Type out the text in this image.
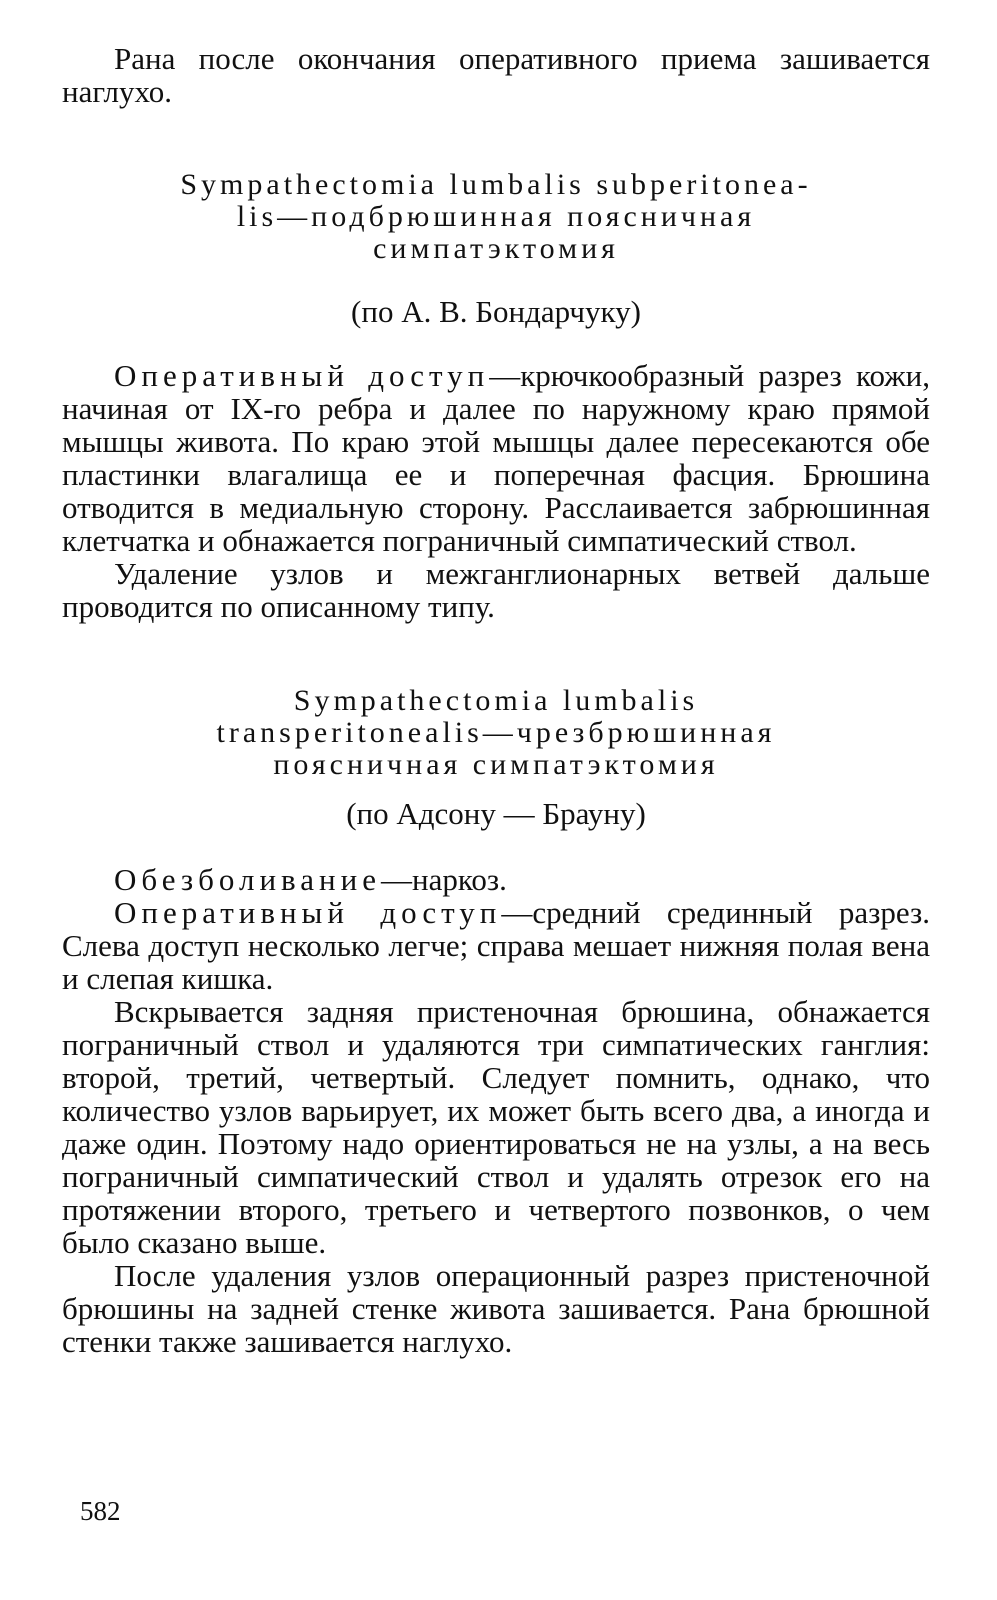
Рана после окончания оперативного приема зашивается наглухо.

Sympathectomia lumbalis subperitonea-
lis—подбрюшинная поясничная
симпатэктомия
(по А. В. Бондарчуку)

Оперативный доступ—крючкообразный разрез кожи, начиная от IX-го ребра и далее по наружному краю прямой мышцы живота. По краю этой мышцы далее пересекаются обе пластинки влагалища ее и поперечная фасция. Брюшина отводится в медиальную сторону. Расслаивается забрюшинная клетчатка и обнажается пограничный симпатический ствол.

Удаление узлов и межганглионарных ветвей дальше проводится по описанному типу.

Sympathectomia lumbalis
transperitonealis—чрезбрюшинная
поясничная симпатэктомия
(по Адсону — Брауну)

Обезболивание—наркоз.

Оперативный доступ—средний срединный разрез. Слева доступ несколько легче; справа мешает нижняя полая вена и слепая кишка.

Вскрывается задняя пристеночная брюшина, обнажается пограничный ствол и удаляются три симпатических ганглия: второй, третий, четвертый. Следует помнить, однако, что количество узлов варьирует, их может быть всего два, а иногда и даже один. Поэтому надо ориентироваться не на узлы, а на весь пограничный симпатический ствол и удалять отрезок его на протяжении второго, третьего и четвертого позвонков, о чем было сказано выше.

После удаления узлов операционный разрез пристеночной брюшины на задней стенке живота зашивается. Рана брюшной стенки также зашивается наглухо.

582
